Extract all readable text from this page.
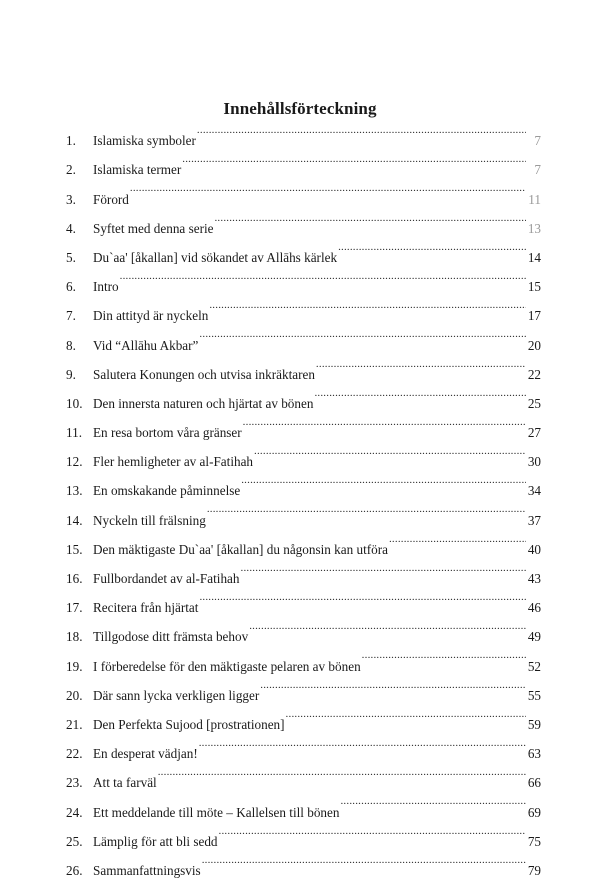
Innehållsförteckning
1.	Islamiska symboler .....	7
2.	Islamiska termer .....	7
3.	Förord .....	11
4.	Syftet med denna serie .....	13
5.	Du`aa' [åkallan] vid sökandet av Allāhs kärlek .....	14
6.	Intro .....	15
7.	Din attityd är nyckeln .....	17
8.	Vid “Allāhu Akbar” .....	20
9.	Salutera Konungen och utvisa inkräktaren .....	22
10. Den innersta naturen och hjärtat av bönen .....	25
11. En resa bortom våra gränser .....	27
12. Fler hemligheter av al-Fatihah .....	30
13. En omskakande påminnelse .....	34
14. Nyckeln till frälsning .....	37
15. Den mäktigaste Du`aa' [åkallan] du någonsin kan utföra .....	40
16. Fullbordandet av al-Fatihah .....	43
17. Recitera från hjärtat .....	46
18. Tillgodose ditt främsta behov .....	49
19. I förberedelse för den mäktigaste pelaren av bönen .....	52
20. Där sann lycka verkligen ligger .....	55
21. Den Perfekta Sujood [prostrationen] .....	59
22. En desperat vädjan! .....	63
23. Att ta farväl .....	66
24. Ett meddelande till möte – Kallelsen till bönen .....	69
25. Lämplig för att bli sedd .....	75
26. Sammanfattningsvis .....	79
